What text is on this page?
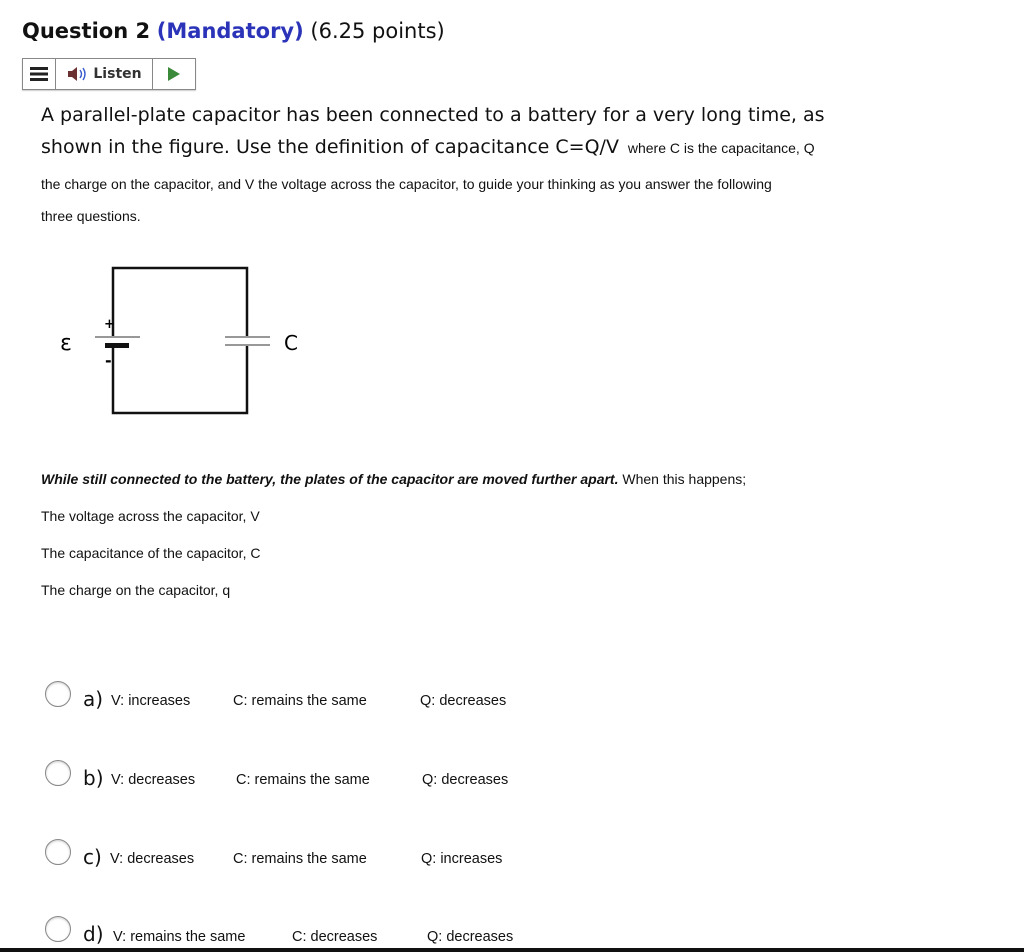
Question 2 (Mandatory) (6.25 points)
Listen
A parallel-plate capacitor has been connected to a battery for a very long time, as
shown in the figure. Use the definition of capacitance C=Q/V where C is the capacitance, Q
the charge on the capacitor, and V the voltage across the capacitor, to guide your thinking as you answer the following
three questions.
ε
+
-
C
While still connected to the battery, the plates of the capacitor are moved further apart. When this happens;
The voltage across the capacitor, V
The capacitance of the capacitor, C
The charge on the capacitor, q
a) V: increases	C: remains the same	Q: decreases
b) V: decreases	C: remains the same	Q: decreases
c) V: decreases	C: remains the same	Q: increases
d) V: remains the same	C: decreases	Q: decreases
